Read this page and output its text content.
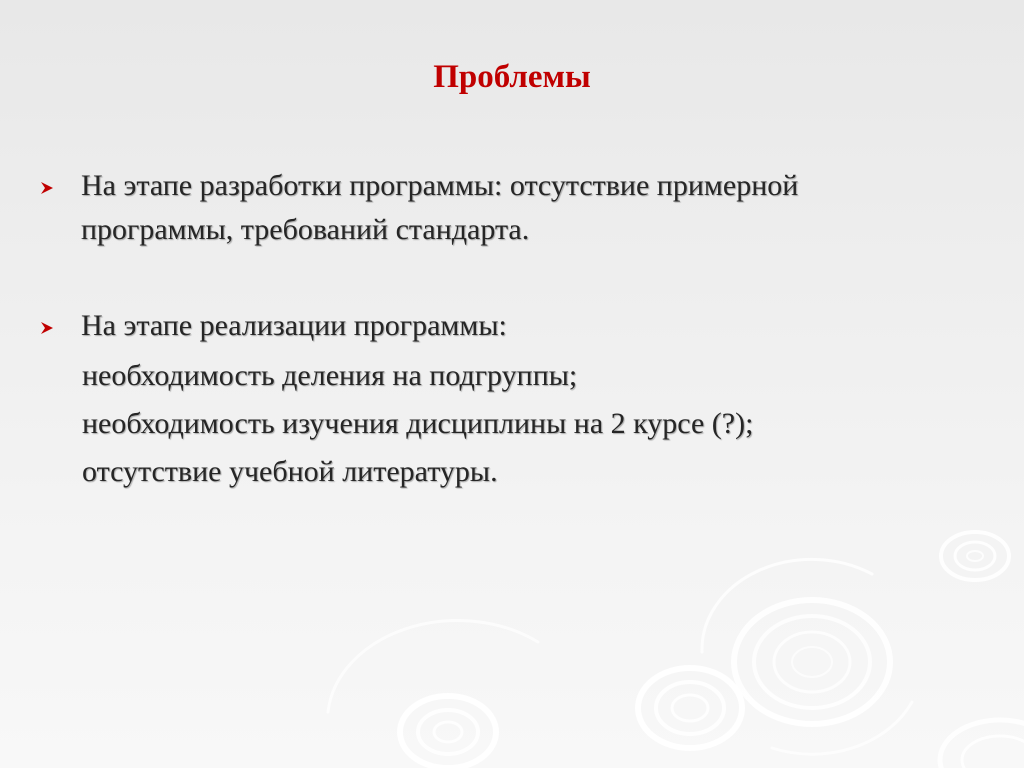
Проблемы
На этапе разработки программы: отсутствие примерной
программы, требований стандарта.
На этапе реализации программы:
необходимость деления на подгруппы;
необходимость изучения дисциплины на 2 курсе (?);
отсутствие учебной литературы.
